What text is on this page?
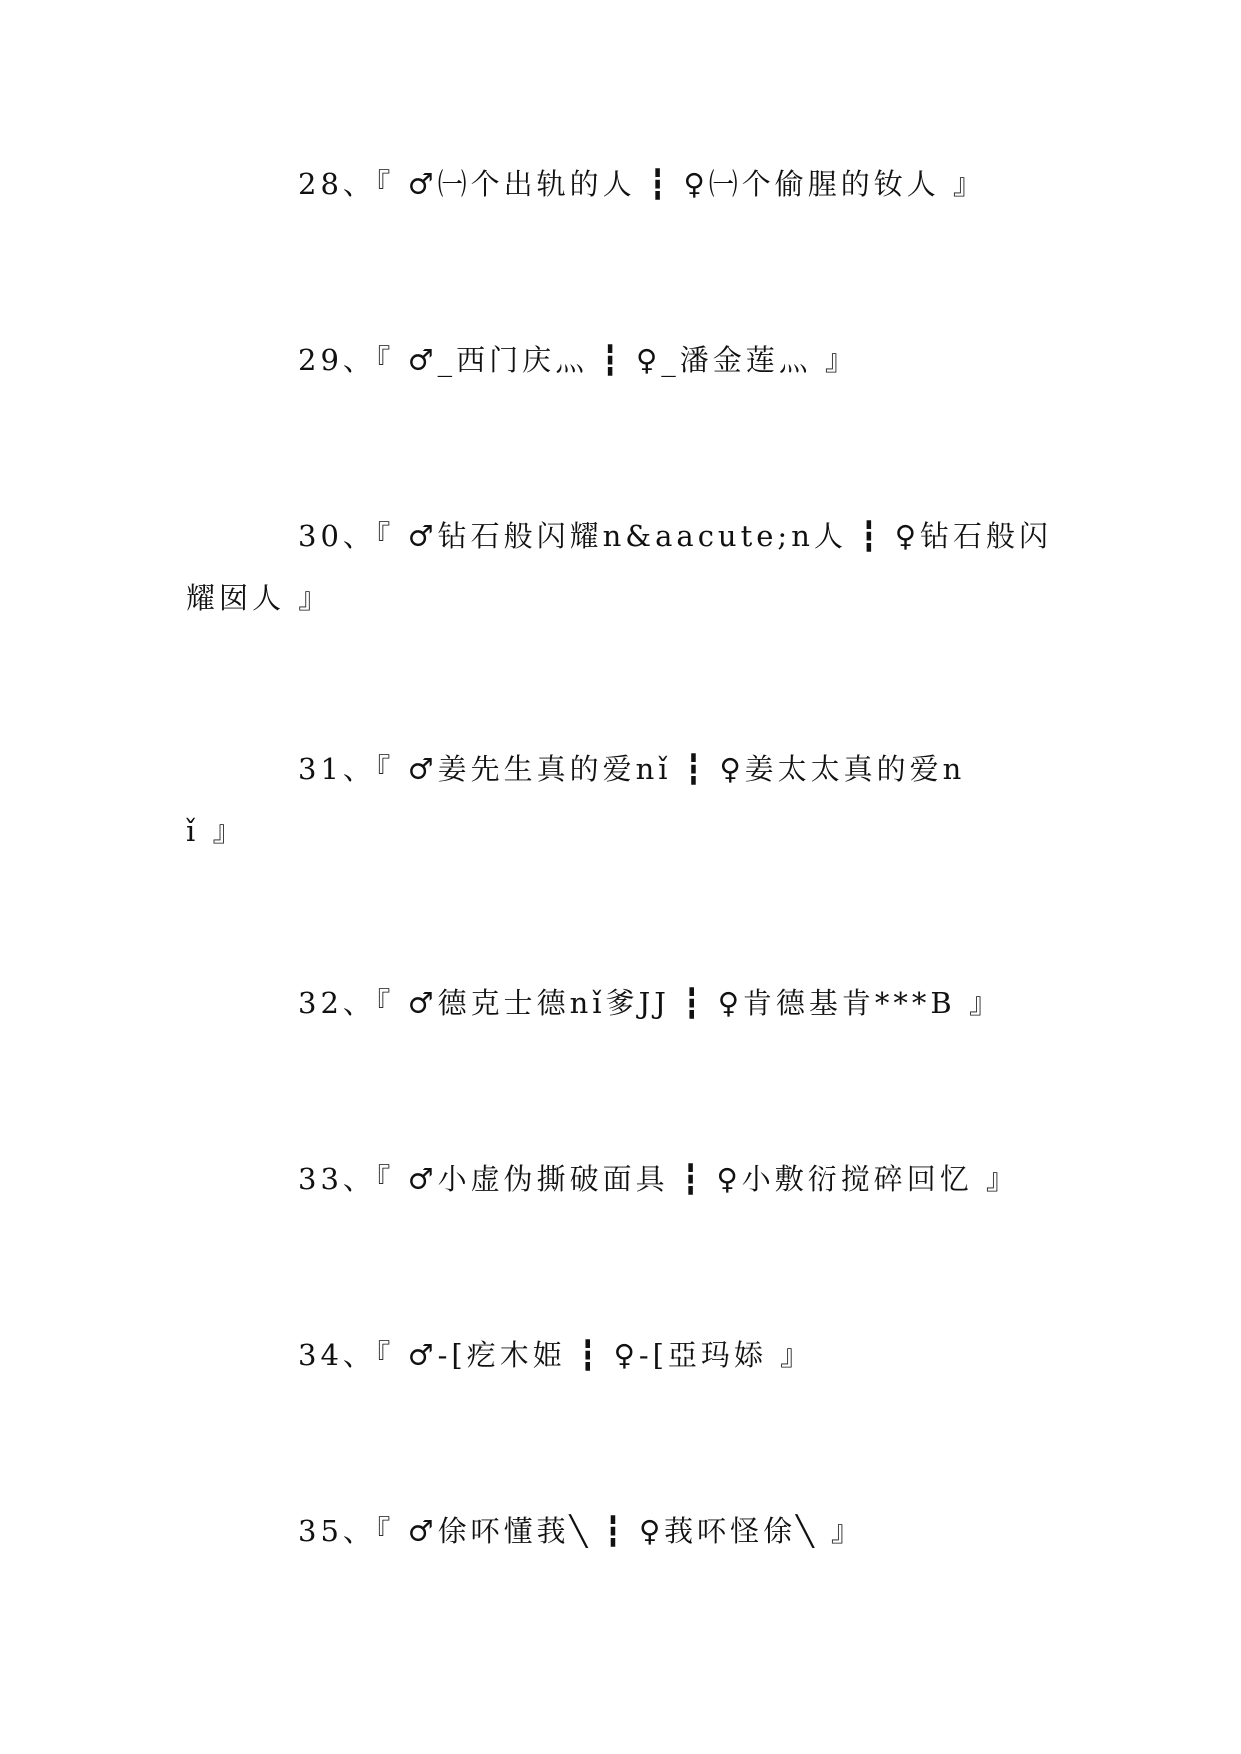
28、『 ♂㈠个出轨的人 ┇ ♀㈠个偷腥的钕人 』
29、『 ♂_西门庆灬 ┇ ♀_潘金莲灬 』
30、『 ♂钻石般闪耀n&aacute;n人 ┇ ♀钻石般闪
耀囡人 』
31、『 ♂姜先生真的爱nǐ ┇ ♀姜太太真的爱n
ǐ 』
32、『 ♂德克士德nǐ爹JJ ┇ ♀肯德基肯***B 』
33、『 ♂小虚伪撕破面具 ┇ ♀小敷衍搅碎回忆 』
34、『 ♂-[疙木姫 ┇ ♀-[亞玛婖 』
35、『 ♂俆吥懂莪╲ ┇ ♀莪吥怪俆╲ 』
